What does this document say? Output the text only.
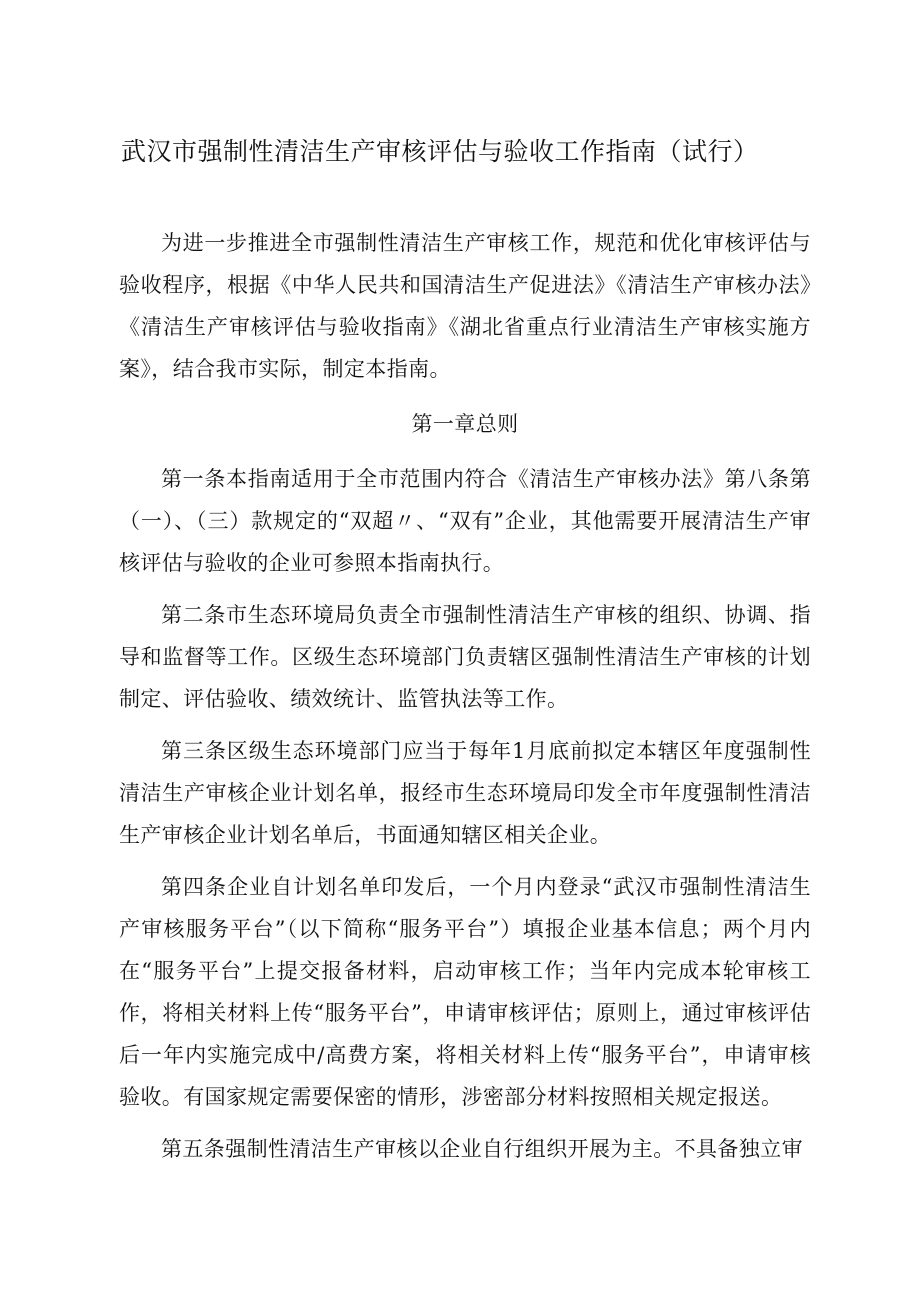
武汉市强制性清洁生产审核评估与验收工作指南（试行）

为进一步推进全市强制性清洁生产审核工作，规范和优化审核评估与验收程序，根据《中华人民共和国清洁生产促进法》《清洁生产审核办法》《清洁生产审核评估与验收指南》《湖北省重点行业清洁生产审核实施方案》，结合我市实际，制定本指南。

第一章总则

第一条本指南适用于全市范围内符合《清洁生产审核办法》第八条第（一）、（三）款规定的“双超〃、“双有”企业，其他需要开展清洁生产审核评估与验收的企业可参照本指南执行。

第二条市生态环境局负责全市强制性清洁生产审核的组织、协调、指导和监督等工作。区级生态环境部门负责辖区强制性清洁生产审核的计划制定、评估验收、绩效统计、监管执法等工作。

第三条区级生态环境部门应当于每年1月底前拟定本辖区年度强制性清洁生产审核企业计划名单，报经市生态环境局印发全市年度强制性清洁生产审核企业计划名单后，书面通知辖区相关企业。

第四条企业自计划名单印发后，一个月内登录“武汉市强制性清洁生产审核服务平台”（以下简称“服务平台”）填报企业基本信息；两个月内在“服务平台”上提交报备材料，启动审核工作；当年内完成本轮审核工作，将相关材料上传“服务平台”，申请审核评估；原则上，通过审核评估后一年内实施完成中/高费方案，将相关材料上传“服务平台”，申请审核验收。有国家规定需要保密的情形，涉密部分材料按照相关规定报送。

第五条强制性清洁生产审核以企业自行组织开展为主。不具备独立审
